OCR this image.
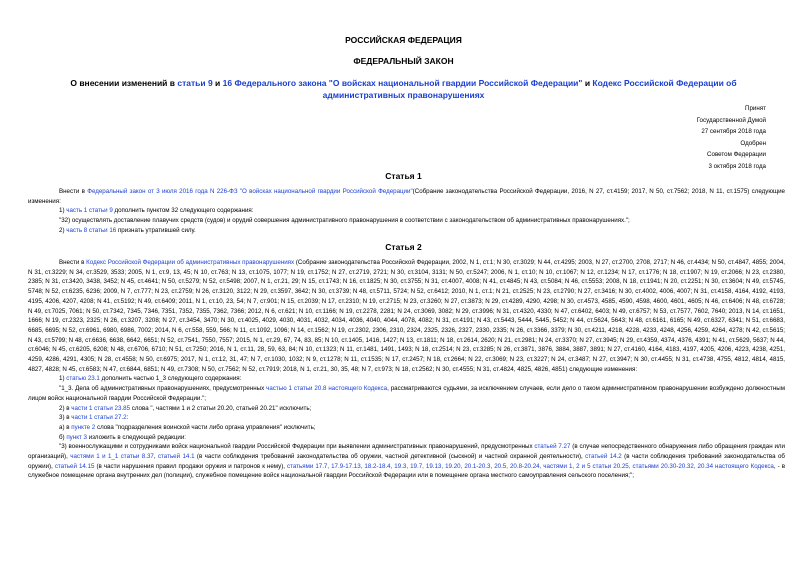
РОССИЙСКАЯ ФЕДЕРАЦИЯ
ФЕДЕРАЛЬНЫЙ ЗАКОН
О внесении изменений в статьи 9 и 16 Федерального закона "О войсках национальной гвардии Российской Федерации" и Кодекс Российской Федерации об административных правонарушениях
Принят
Государственной Думой
27 сентября 2018 года
Одобрен
Советом Федерации
3 октября 2018 года
Статья 1

Внести в Федеральный закон от 3 июля 2016 года N 226-ФЗ "О войсках национальной гвардии Российской Федерации"(Собрание законодательства Российской Федерации, 2016, N 27, ст.4159; 2017, N 50, ст.7562; 2018, N 11, ст.1575) следующие изменения:

1) часть 1 статьи 9 дополнить пунктом 32 следующего содержания:

"32) осуществлять доставление плавучих средств (судов) и орудий совершения административного правонарушения в соответствии с законодательством об административных правонарушениях.";

2) часть 8 статьи 16 признать утратившей силу.

Статья 2

Внести в Кодекс Российской Федерации об административных правонарушениях (Собрание законодательства Российской Федерации, 2002, N 1, ст.1; N 30, ст.3029; N 44, ст.4295; 2003, N 27, ст.2700, 2708, 2717; N 46, ст.4434; N 50, ст.4847, 4855; 2004, N 31, ст.3229; N 34, ст.3529, 3533; 2005, N 1, ст.9, 13, 45; N 10, ст.763; N 13, ст.1075, 1077; N 19, ст.1752; N 27, ст.2719, 2721; N 30, ст.3104, 3131; N 50, ст.5247; 2006, N 1, ст.10; N 10, ст.1067; N 12, ст.1234; N 17, ст.1776; N 18, ст.1907; N 19, ст.2066; N 23, ст.2380, 2385; N 31, ст.3420, 3438, 3452; N 45, ст.4641; N 50, ст.5279; N 52, ст.5498; 2007, N 1, ст.21, 29; N 15, ст.1743; N 16, ст.1825; N 30, ст.3755; N 31, ст.4007, 4008; N 41, ст.4845; N 43, ст.5084; N 46, ст.5553; 2008, N 18, ст.1941; N 20, ст.2251; N 30, ст.3604; N 49, ст.5745, 5748; N 52, ст.6235, 6236; 2009, N 7, ст.777; N 23, ст.2759; N 26, ст.3120, 3122; N 29, ст.3597, 3642; N 30, ст.3739; N 48, ст.5711, 5724; N 52, ст.6412; 2010, N 1, ст.1; N 21, ст.2525; N 23, ст.2790; N 27, ст.3416; N 30, ст.4002, 4006, 4007; N 31, ст.4158, 4164, 4192, 4193, 4195, 4206, 4207, 4208; N 41, ст.5192; N 49, ст.6409; 2011, N 1, ст.10, 23, 54; N 7, ст.901; N 15, ст.2039; N 17, ст.2310; N 19, ст.2715; N 23, ст.3260; N 27, ст.3873; N 29, ст.4289, 4290, 4298; N 30, ст.4573, 4585, 4590, 4598, 4600, 4601, 4605; N 46, ст.6406; N 48, ст.6728; N 49, ст.7025, 7061; N 50, ст.7342, 7345, 7346, 7351, 7352, 7355, 7362, 7366; 2012, N 6, ст.621; N 10, ст.1166; N 19, ст.2278, 2281; N 24, ст.3069, 3082; N 29, ст.3996; N 31, ст.4320, 4330; N 47, ст.6402, 6403; N 49, ст.6757; N 53, ст.7577, 7602, 7640; 2013, N 14, ст.1651, 1666; N 19, ст.2323, 2325; N 26, ст.3207, 3208; N 27, ст.3454, 3470; N 30, ст.4025, 4029, 4030, 4031, 4032, 4034, 4036, 4040, 4044, 4078, 4082; N 31, ст.4191; N 43, ст.5443, 5444, 5445, 5452; N 44, ст.5624, 5643; N 48, ст.6161, 6165; N 49, ст.6327, 6341; N 51, ст.6683, 6685, 6695; N 52, ст.6961, 6980, 6986, 7002; 2014, N 6, ст.558, 559, 566; N 11, ст.1092, 1096; N 14, ст.1562; N 19, ст.2302, 2306, 2310, 2324, 2325, 2326, 2327, 2330, 2335; N 26, ст.3366, 3379; N 30, ст.4211, 4218, 4228, 4233, 4248, 4256, 4259, 4264, 4278; N 42, ст.5615; N 43, ст.5799; N 48, ст.6636, 6638, 6642, 6651; N 52, ст.7541, 7550, 7557; 2015, N 1, ст.29, 67, 74, 83, 85; N 10, ст.1405, 1416, 1427; N 13, ст.1811; N 18, ст.2614, 2620; N 21, ст.2981; N 24, ст.3370; N 27, ст.3945; N 29, ст.4359, 4374, 4376, 4391; N 41, ст.5629, 5637; N 44, ст.6046; N 45, ст.6205, 6208; N 48, ст.6706, 6710; N 51, ст.7250; 2016, N 1, ст.11, 28, 59, 63, 84; N 10, ст.1323; N 11, ст.1481, 1491, 1493; N 18, ст.2514; N 23, ст.3285; N 26, ст.3871, 3876, 3884, 3887, 3891; N 27, ст.4160, 4164, 4183, 4197, 4205, 4206, 4223, 4238, 4251, 4259, 4286, 4291, 4305; N 28, ст.4558; N 50, ст.6975; 2017, N 1, ст.12, 31, 47; N 7, ст.1030, 1032; N 9, ст.1278; N 11, ст.1535; N 17, ст.2457; N 18, ст.2664; N 22, ст.3069; N 23, ст.3227; N 24, ст.3487; N 27, ст.3947; N 30, ст.4455; N 31, ст.4738, 4755, 4812, 4814, 4815, 4827, 4828; N 45, ст.6583; N 47, ст.6844, 6851; N 49, ст.7308; N 50, ст.7562; N 52, ст.7919; 2018, N 1, ст.21, 30, 35, 48; N 7, ст.973; N 18, ст.2562; N 30, ст.4555; N 31, ст.4824, 4825, 4826, 4851) следующие изменения:

1) статью 23.1 дополнить частью 1_3 следующего содержания:

"1_3. Дела об административных правонарушениях, предусмотренных частью 1 статьи 20.8 настоящего Кодекса, рассматриваются судьями, за исключением случаев, если дело о таком административном правонарушении возбуждено должностным лицом войск национальной гвардии Российской Федерации.";

2) в части 1 статьи 23.85 слова ", частями 1 и 2 статьи 20.20, статьей 20.21" исключить;

3) в части 1 статьи 27.2:

а) в пункте 2 слова "подразделения воинской части либо органа управления" исключить;

б) пункт 3 изложить в следующей редакции:

"3) военнослужащими и сотрудниками войск национальной гвардии Российской Федерации при выявлении административных правонарушений, предусмотренных статьей 7.27 (в случае непосредственного обнаружения либо обращения граждан или организаций), частями 1 и 1_1 статьи 8.37, статьей 14.1 (в части соблюдения требований законодательства об оружии, частной детективной (сыскной) и частной охранной деятельности), статьей 14.2 (в части соблюдения требований законодательства об оружии), статьей 14.15 (в части нарушения правил продажи оружия и патронов к нему), статьями 17.7, 17.9-17.13, 18.2-18.4, 19.3, 19.7, 19.13, 19.20, 20.1-20.3, 20.5, 20.8-20.24, частями 1, 2 и 5 статьи 20.25, статьями 20.30-20.32, 20.34 настоящего Кодекса, - в служебное помещение органа внутренних дел (полиции), служебное помещение войск национальной гвардии Российской Федерации или в помещение органа местного самоуправления сельского поселения;";
